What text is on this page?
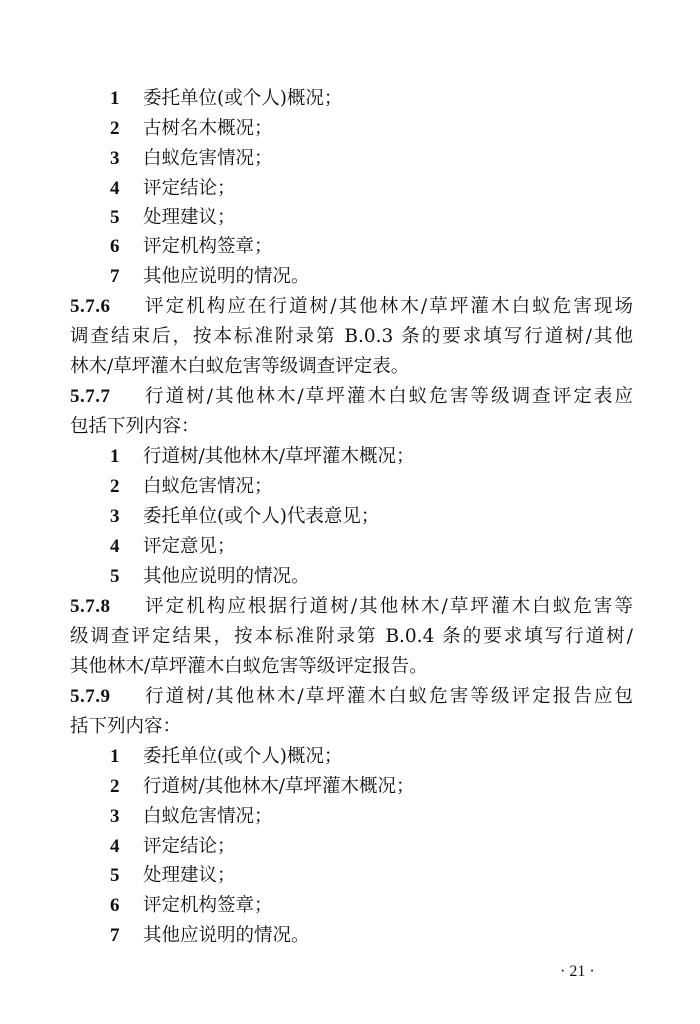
1 委托单位(或个人)概况；
2 古树名木概况；
3 白蚁危害情况；
4 评定结论；
5 处理建议；
6 评定机构签章；
7 其他应说明的情况。
5.7.6 评定机构应在行道树/其他林木/草坪灌木白蚁危害现场
调查结束后，按本标准附录第 B.0.3 条的要求填写行道树/其他
林木/草坪灌木白蚁危害等级调查评定表。
5.7.7 行道树/其他林木/草坪灌木白蚁危害等级调查评定表应
包括下列内容：
1 行道树/其他林木/草坪灌木概况；
2 白蚁危害情况；
3 委托单位(或个人)代表意见；
4 评定意见；
5 其他应说明的情况。
5.7.8 评定机构应根据行道树/其他林木/草坪灌木白蚁危害等
级调查评定结果，按本标准附录第 B.0.4 条的要求填写行道树/
其他林木/草坪灌木白蚁危害等级评定报告。
5.7.9 行道树/其他林木/草坪灌木白蚁危害等级评定报告应包
括下列内容：
1 委托单位(或个人)概况；
2 行道树/其他林木/草坪灌木概况；
3 白蚁危害情况；
4 评定结论；
5 处理建议；
6 评定机构签章；
7 其他应说明的情况。
· 21 ·
